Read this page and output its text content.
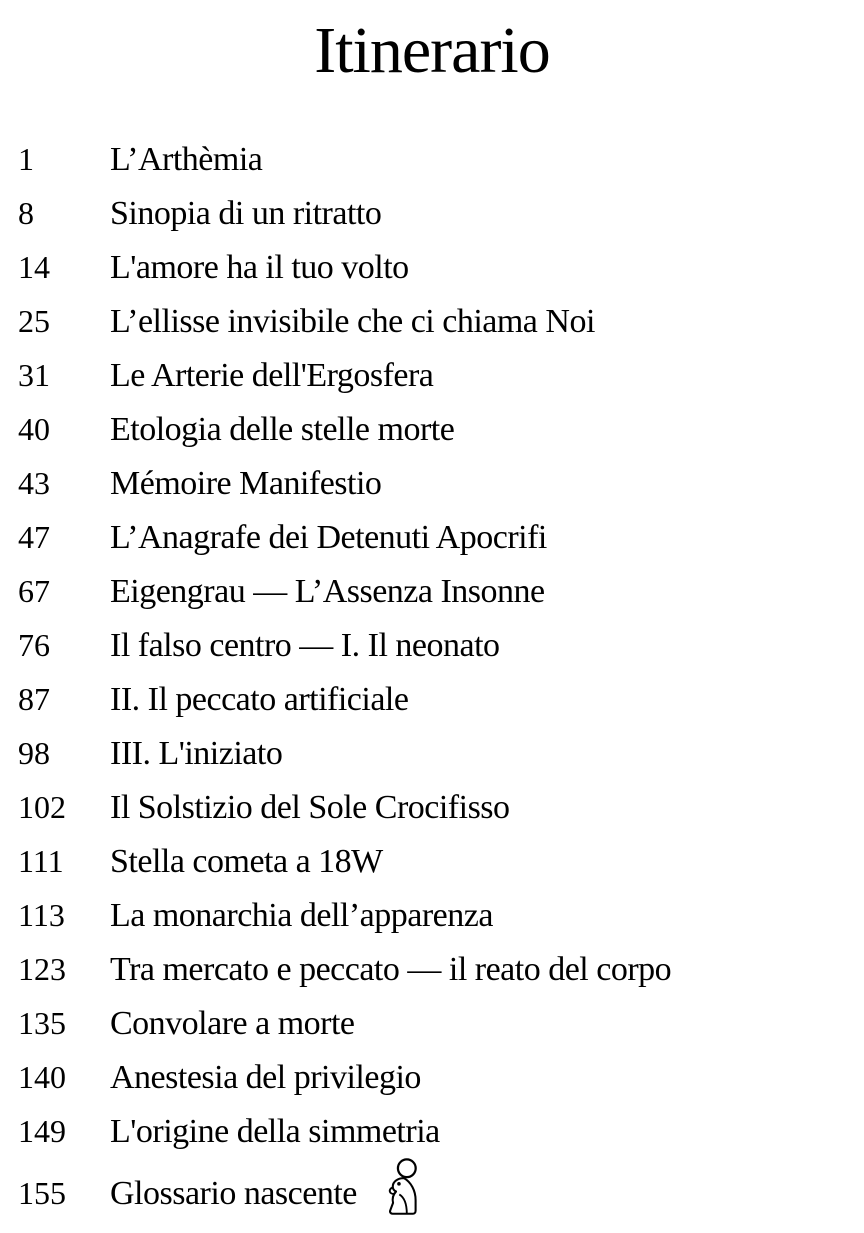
Itinerario
1 L’Arthèmia
8 Sinopia di un ritratto
14 L'amore ha il tuo volto
25 L’ellisse invisibile che ci chiama Noi
31 Le Arterie dell'Ergosfera
40 Etologia delle stelle morte
43 Mémoire Manifestio
47 L’Anagrafe dei Detenuti Apocrifi
67 Eigengrau — L’Assenza Insonne
76 Il falso centro — I. Il neonato
87 II. Il peccato artificiale
98 III. L'iniziato
102 Il Solstizio del Sole Crocifisso
111 Stella cometa a 18W
113 La monarchia dell’apparenza
123 Tra mercato e peccato — il reato del corpo
135 Convolare a morte
140 Anestesia del privilegio
149 L'origine della simmetria
155 Glossario nascente
